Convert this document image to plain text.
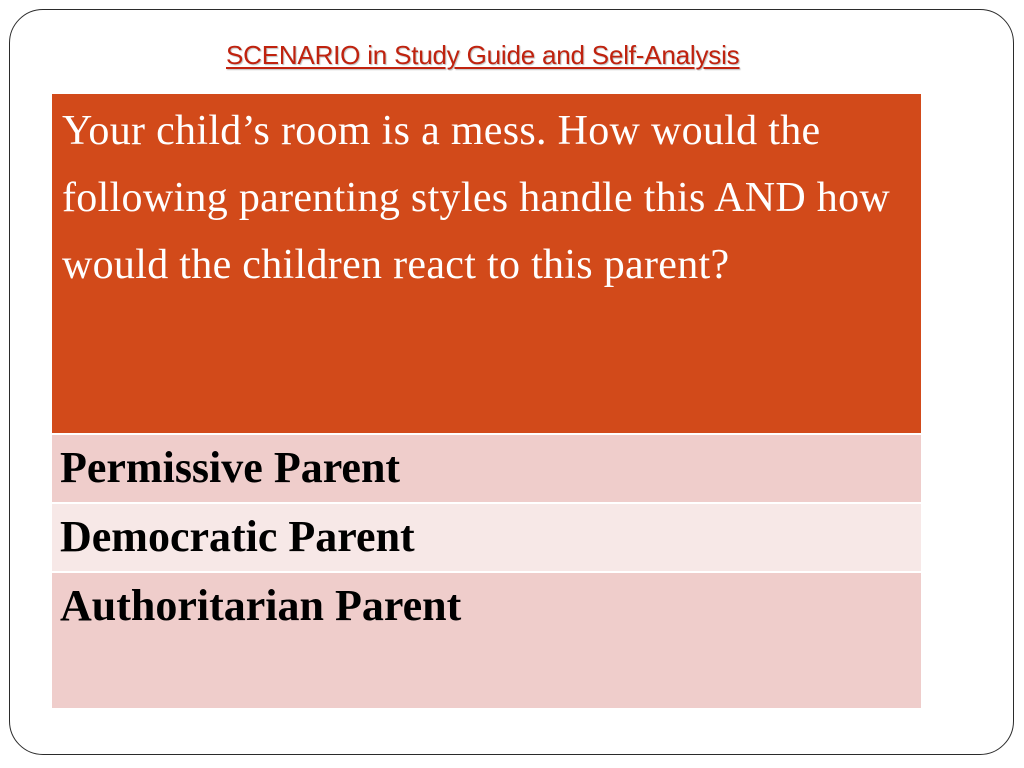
SCENARIO in Study Guide and Self-Analysis

Your child’s room is a mess. How would the following parenting styles handle this AND how would the children react to this parent?

Permissive Parent
Democratic Parent
Authoritarian Parent
